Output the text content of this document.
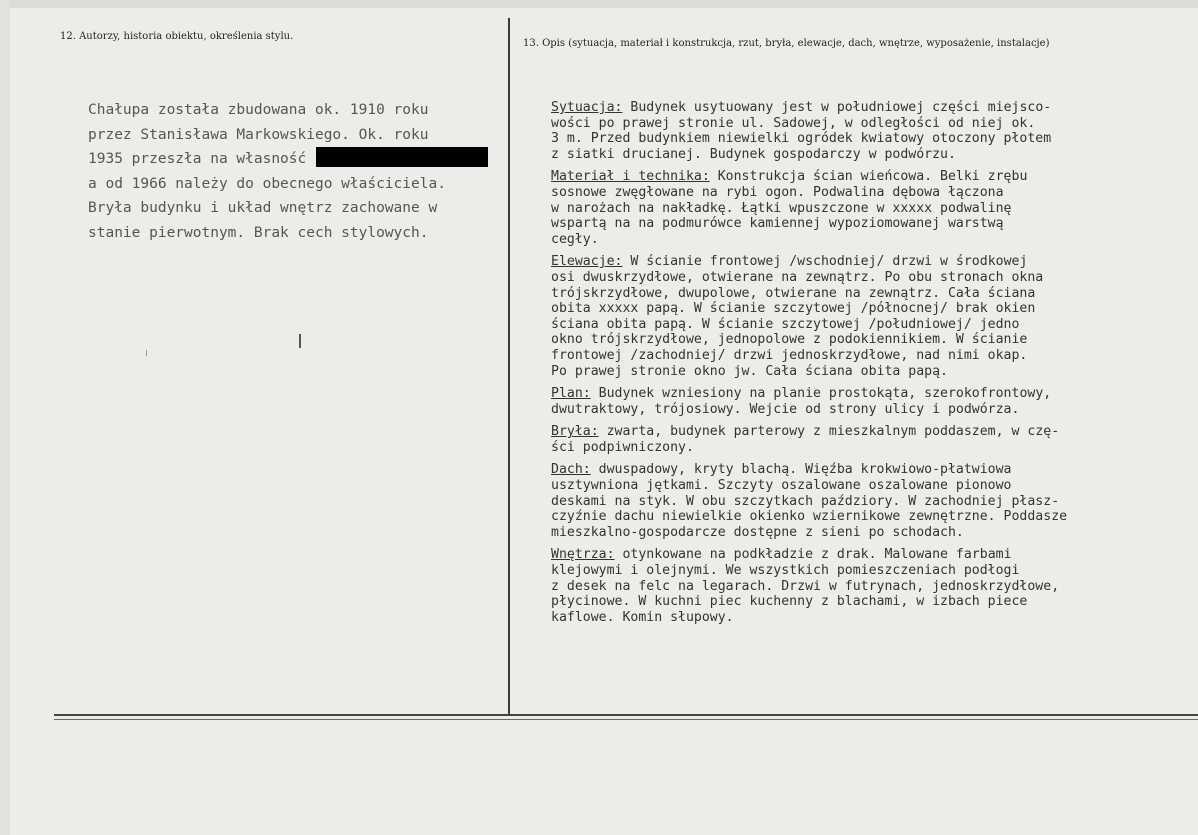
12. Autorzy, historia obiektu, określenia stylu.
13. Opis (sytuacja, materiał i konstrukcja, rzut, bryła, elewacje, dach, wnętrze, wyposażenie, instalacje)
Chałupa została zbudowana ok. 1910 roku
przez Stanisława Markowskiego. Ok. roku
1935 przeszła na własność
a od 1966 należy do obecnego właściciela.
Bryła budynku i układ wnętrz zachowane w
stanie pierwotnym. Brak cech stylowych.
Sytuacja: Budynek usytuowany jest w południowej części miejsco-
wości po prawej stronie ul. Sadowej, w odległości od niej ok.
3 m. Przed budynkiem niewielki ogródek kwiatowy otoczony płotem
z siatki drucianej. Budynek gospodarczy w podwórzu.
Materiał i technika: Konstrukcja ścian wieńcowa. Belki zrębu
sosnowe zwęgłowane na rybi ogon. Podwalina dębowa łączona
w narożach na nakładkę. Łątki wpuszczone w xxxxx podwalinę
wspartą na na podmurówce kamiennej wypoziomowanej warstwą
cegły.
Elewacje: W ścianie frontowej /wschodniej/ drzwi w środkowej
osi dwuskrzydłowe, otwierane na zewnątrz. Po obu stronach okna
trójskrzydłowe, dwupolowe, otwierane na zewnątrz. Cała ściana
obita xxxxx papą. W ścianie szczytowej /północnej/ brak okien
ściana obita papą. W ścianie szczytowej /południowej/ jedno
okno trójskrzydłowe, jednopolowe z podokiennikiem. W ścianie
frontowej /zachodniej/ drzwi jednoskrzydłowe, nad nimi okap.
Po prawej stronie okno jw. Cała ściana obita papą.
Plan: Budynek wzniesiony na planie prostokąta, szerokofrontowy,
dwutraktowy, trójosiowy. Wejcie od strony ulicy i podwórza.
Bryła: zwarta, budynek parterowy z mieszkalnym poddaszem, w czę-
ści podpiwniczony.
Dach: dwuspadowy, kryty blachą. Więźba krokwiowo-płatwiowa
usztywniona jętkami. Szczyty oszalowane oszalowane pionowo
deskami na styk. W obu szczytkach paździory. W zachodniej płasz-
czyźnie dachu niewielkie okienko wziernikowe zewnętrzne. Poddasze
mieszkalno-gospodarcze dostępne z sieni po schodach.
Wnętrza: otynkowane na podkładzie z drak. Malowane farbami
klejowymi i olejnymi. We wszystkich pomieszczeniach podłogi
z desek na felc na legarach. Drzwi w futrynach, jednoskrzydłowe,
płycinowe. W kuchni piec kuchenny z blachami, w izbach piece
kaflowe. Komin słupowy.
